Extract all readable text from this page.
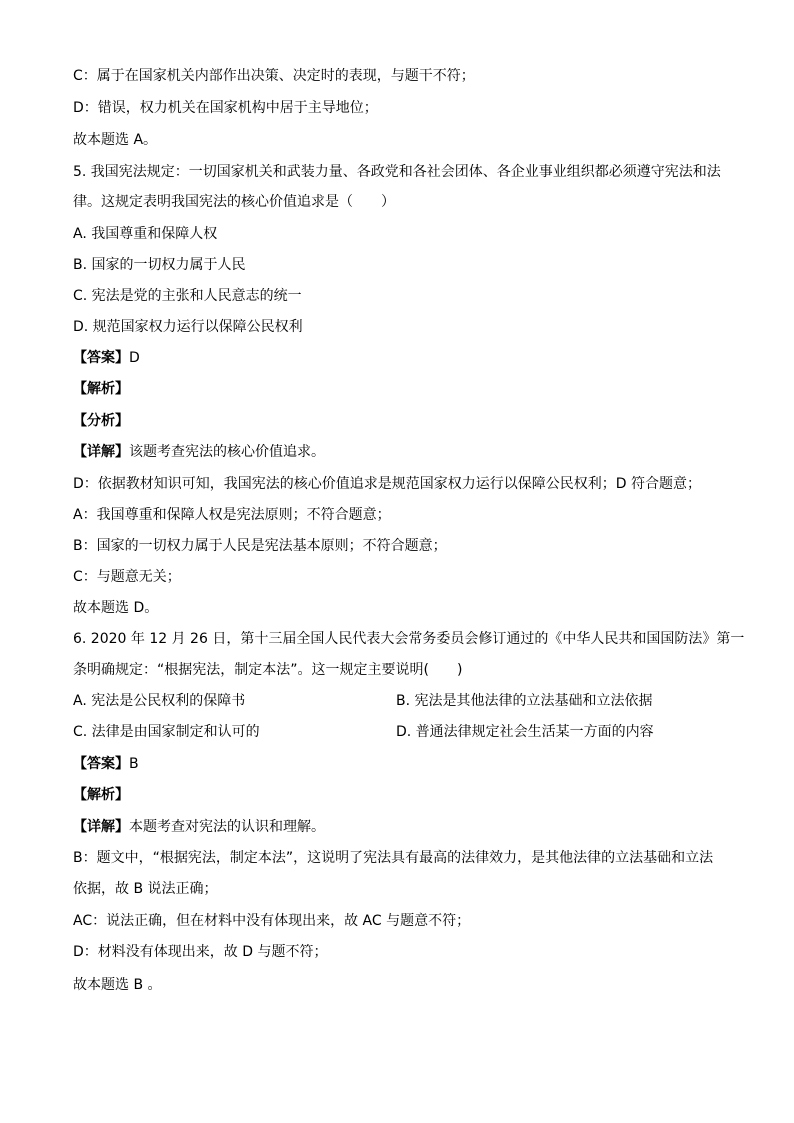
C：属于在国家机关内部作出决策、决定时的表现，与题干不符；
D：错误，权力机关在国家机构中居于主导地位；
故本题选 A。
5. 我国宪法规定：一切国家机关和武装力量、各政党和各社会团体、各企业事业组织都必须遵守宪法和法
律。这规定表明我国宪法的核心价值追求是（　　）
A. 我国尊重和保障人权
B. 国家的一切权力属于人民
C. 宪法是党的主张和人民意志的统一
D. 规范国家权力运行以保障公民权利
【答案】D
【解析】
【分析】
【详解】该题考查宪法的核心价值追求。
D：依据教材知识可知，我国宪法的核心价值追求是规范国家权力运行以保障公民权利；D 符合题意；
A：我国尊重和保障人权是宪法原则；不符合题意；
B：国家的一切权力属于人民是宪法基本原则；不符合题意；
C：与题意无关；
故本题选 D。
6. 2020 年 12 月 26 日，第十三届全国人民代表大会常务委员会修订通过的《中华人民共和国国防法》第一
条明确规定：“根据宪法，制定本法”。这一规定主要说明(　　)
A. 宪法是公民权利的保障书	B. 宪法是其他法律的立法基础和立法依据
C. 法律是由国家制定和认可的	D. 普通法律规定社会生活某一方面的内容
【答案】B
【解析】
【详解】本题考查对宪法的认识和理解。
B：题文中，“根据宪法，制定本法”，这说明了宪法具有最高的法律效力，是其他法律的立法基础和立法
依据，故 B 说法正确；
AC：说法正确，但在材料中没有体现出来，故 AC 与题意不符；
D：材料没有体现出来，故 D 与题不符；
故本题选 B 。
